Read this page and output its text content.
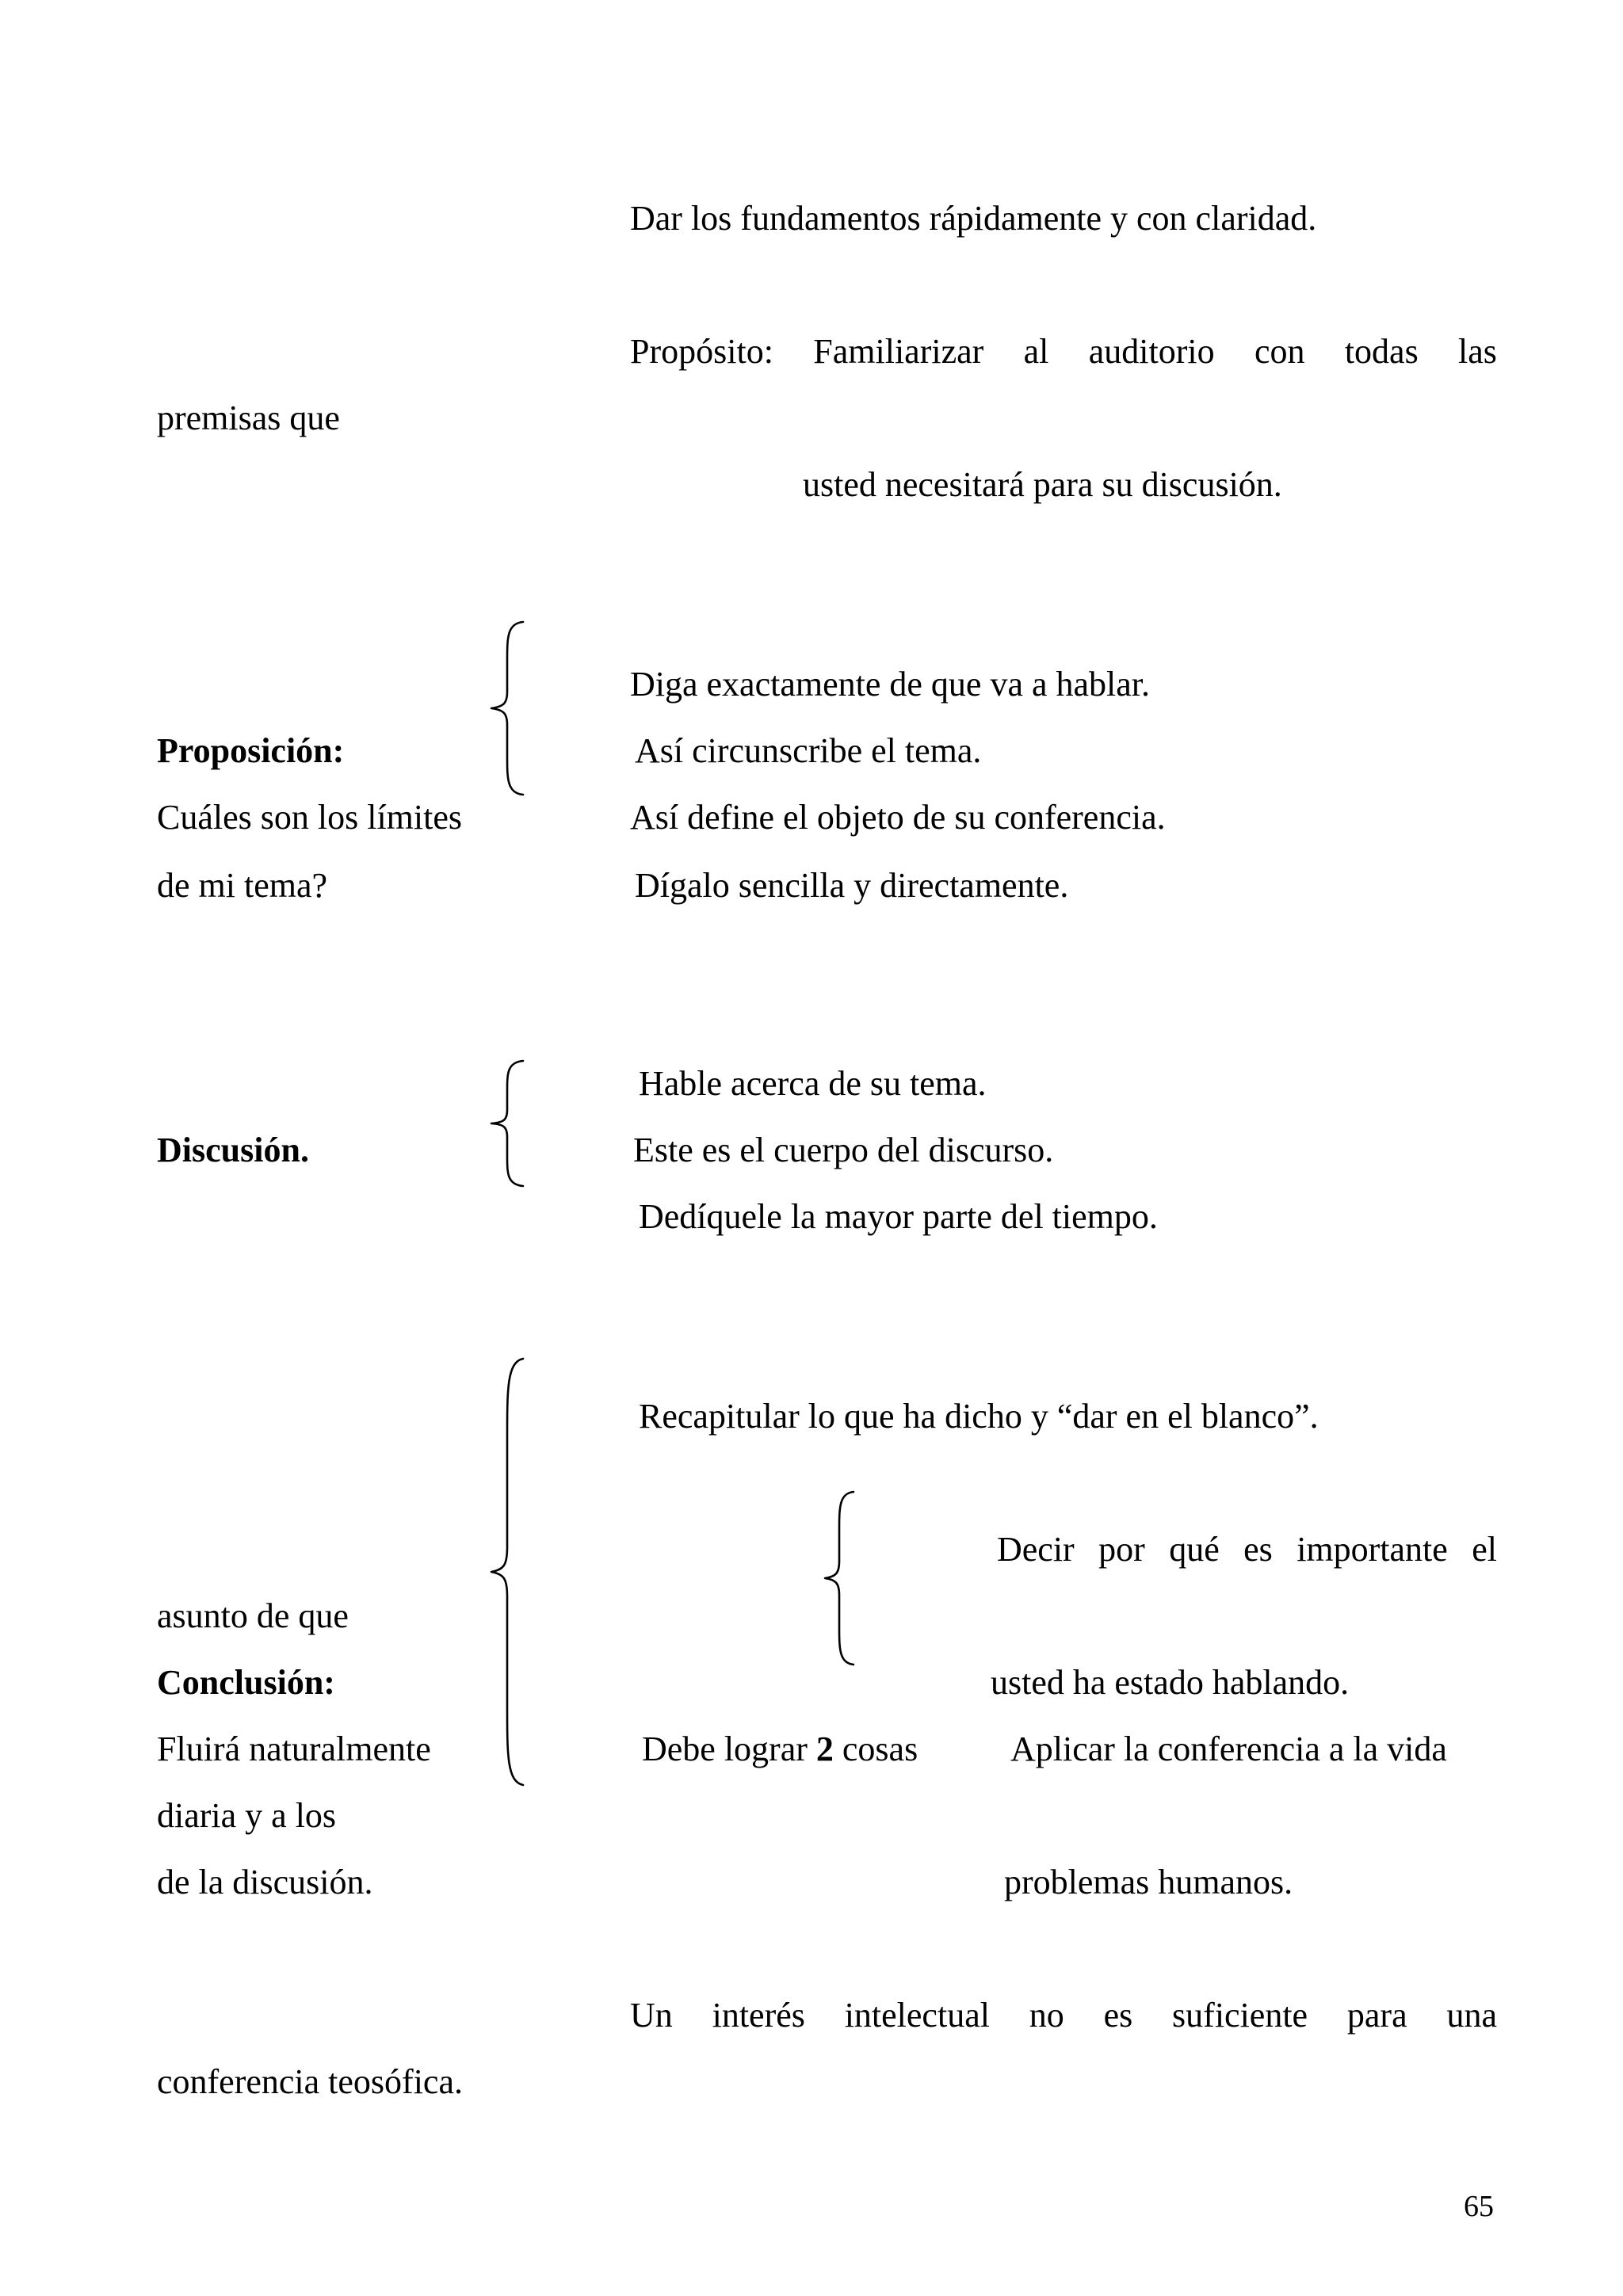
Dar los fundamentos rápidamente y con claridad.
Propósito: Familiarizar al auditorio con todas las
premisas que
usted necesitará para su discusión.
Diga exactamente de que va a hablar.
Proposición:	Así circunscribe el tema.
Cuáles son los límites	Así define el objeto de su conferencia.
de mi tema?	Dígalo sencilla y directamente.
Hable acerca de su tema.
Discusión.	Este es el cuerpo del discurso.
Dedíquele la mayor parte del tiempo.
Recapitular lo que ha dicho y “dar en el blanco”.
Decir por qué es importante el
asunto de que
Conclusión:	usted ha estado hablando.
Fluirá naturalmente	Debe lograr 2 cosas	Aplicar la conferencia a la vida
diaria y a los
de la discusión.	problemas humanos.
Un interés intelectual no es suficiente para una
conferencia teosófica.
65
